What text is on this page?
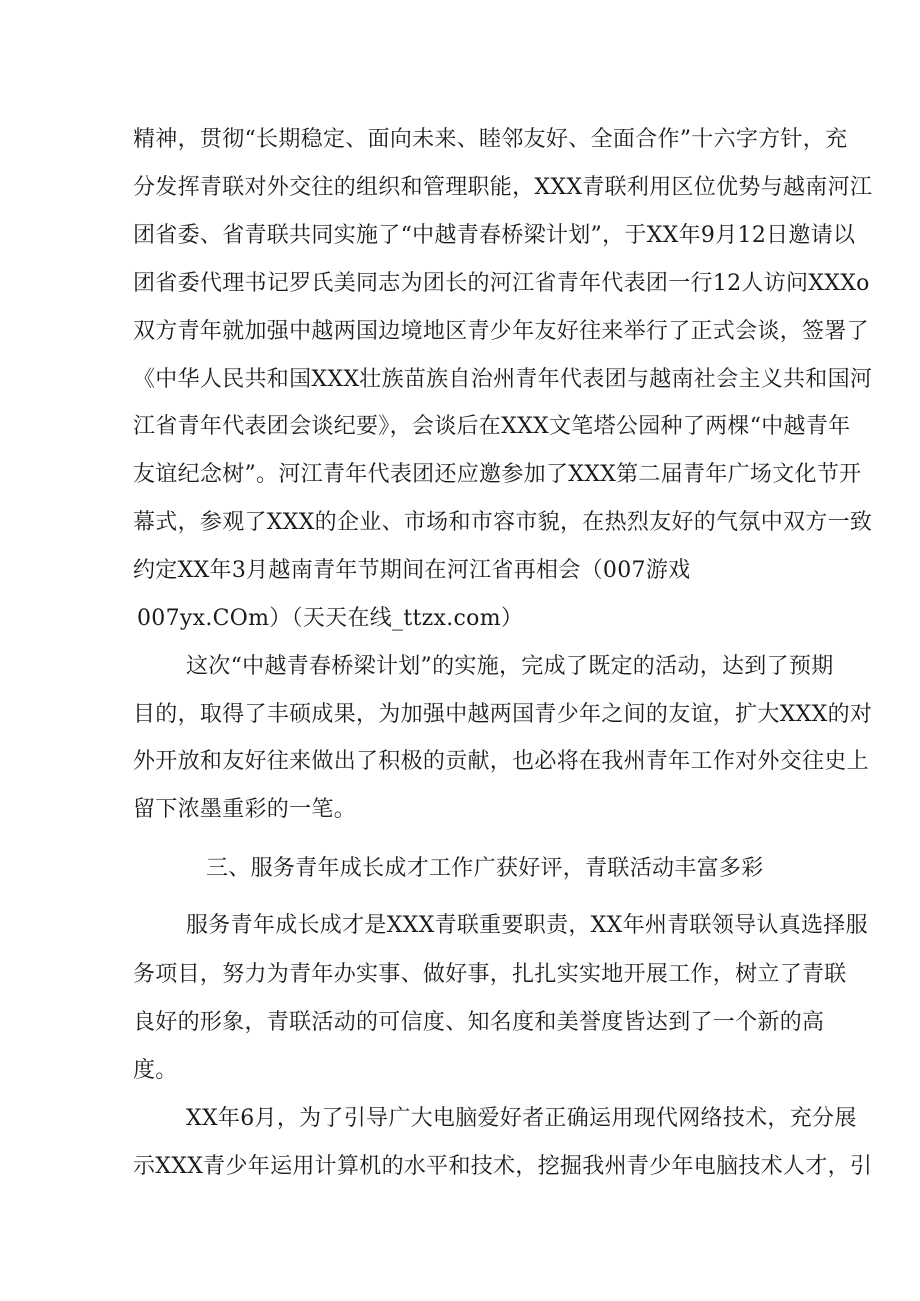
精神，贯彻“长期稳定、面向未来、睦邻友好、全面合作”十六字方针，充
分发挥青联对外交往的组织和管理职能，XXX青联利用区位优势与越南河江
团省委、省青联共同实施了“中越青春桥梁计划”，于XX年9月12日邀请以
团省委代理书记罗氏美同志为团长的河江省青年代表团一行12人访问XXXo
双方青年就加强中越两国边境地区青少年友好往来举行了正式会谈，签署了
《中华人民共和国XXX壮族苗族自治州青年代表团与越南社会主义共和国河
江省青年代表团会谈纪要》，会谈后在XXX文笔塔公园种了两棵“中越青年
友谊纪念树”。河江青年代表团还应邀参加了XXX第二届青年广场文化节开
幕式，参观了XXX的企业、市场和市容市貌，在热烈友好的气氛中双方一致
约定XX年3月越南青年节期间在河江省再相会（007游戏
007yx.COm）（天天在线_ttzx.com）
这次“中越青春桥梁计划”的实施，完成了既定的活动，达到了预期
目的，取得了丰硕成果，为加强中越两国青少年之间的友谊，扩大XXX的对
外开放和友好往来做出了积极的贡献，也必将在我州青年工作对外交往史上
留下浓墨重彩的一笔。
三、服务青年成长成才工作广获好评，青联活动丰富多彩
服务青年成长成才是XXX青联重要职责，XX年州青联领导认真选择服
务项目，努力为青年办实事、做好事，扎扎实实地开展工作，树立了青联
良好的形象，青联活动的可信度、知名度和美誉度皆达到了一个新的高
度。
XX年6月，为了引导广大电脑爱好者正确运用现代网络技术，充分展
示XXX青少年运用计算机的水平和技术，挖掘我州青少年电脑技术人才，引
